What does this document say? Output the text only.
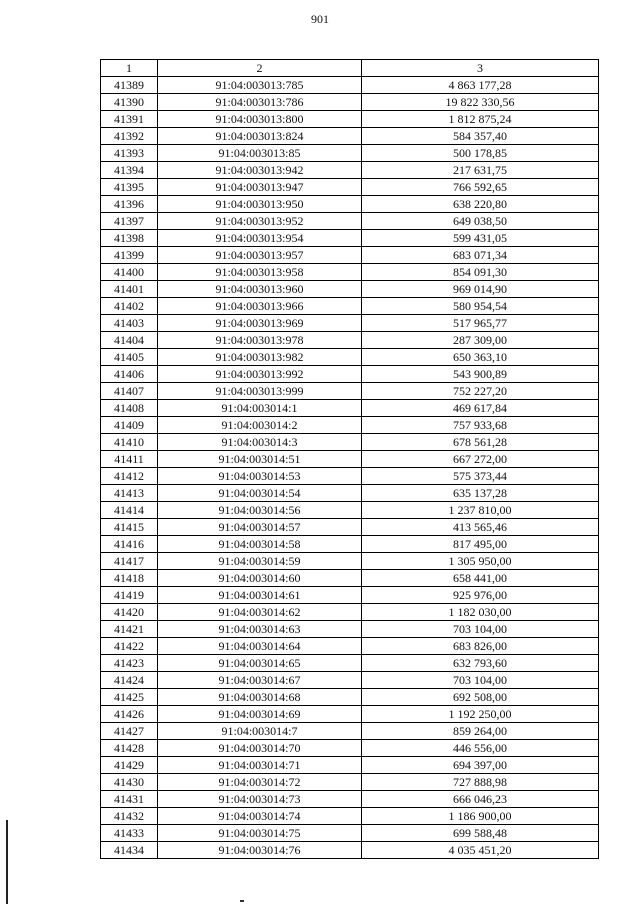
901
1	2	3
41389	91:04:003013:785	4 863 177,28
41390	91:04:003013:786	19 822 330,56
41391	91:04:003013:800	1 812 875,24
41392	91:04:003013:824	584 357,40
41393	91:04:003013:85	500 178,85
41394	91:04:003013:942	217 631,75
41395	91:04:003013:947	766 592,65
41396	91:04:003013:950	638 220,80
41397	91:04:003013:952	649 038,50
41398	91:04:003013:954	599 431,05
41399	91:04:003013:957	683 071,34
41400	91:04:003013:958	854 091,30
41401	91:04:003013:960	969 014,90
41402	91:04:003013:966	580 954,54
41403	91:04:003013:969	517 965,77
41404	91:04:003013:978	287 309,00
41405	91:04:003013:982	650 363,10
41406	91:04:003013:992	543 900,89
41407	91:04:003013:999	752 227,20
41408	91:04:003014:1	469 617,84
41409	91:04:003014:2	757 933,68
41410	91:04:003014:3	678 561,28
41411	91:04:003014:51	667 272,00
41412	91:04:003014:53	575 373,44
41413	91:04:003014:54	635 137,28
41414	91:04:003014:56	1 237 810,00
41415	91:04:003014:57	413 565,46
41416	91:04:003014:58	817 495,00
41417	91:04:003014:59	1 305 950,00
41418	91:04:003014:60	658 441,00
41419	91:04:003014:61	925 976,00
41420	91:04:003014:62	1 182 030,00
41421	91:04:003014:63	703 104,00
41422	91:04:003014:64	683 826,00
41423	91:04:003014:65	632 793,60
41424	91:04:003014:67	703 104,00
41425	91:04:003014:68	692 508,00
41426	91:04:003014:69	1 192 250,00
41427	91:04:003014:7	859 264,00
41428	91:04:003014:70	446 556,00
41429	91:04:003014:71	694 397,00
41430	91:04:003014:72	727 888,98
41431	91:04:003014:73	666 046,23
41432	91:04:003014:74	1 186 900,00
41433	91:04:003014:75	699 588,48
41434	91:04:003014:76	4 035 451,20
